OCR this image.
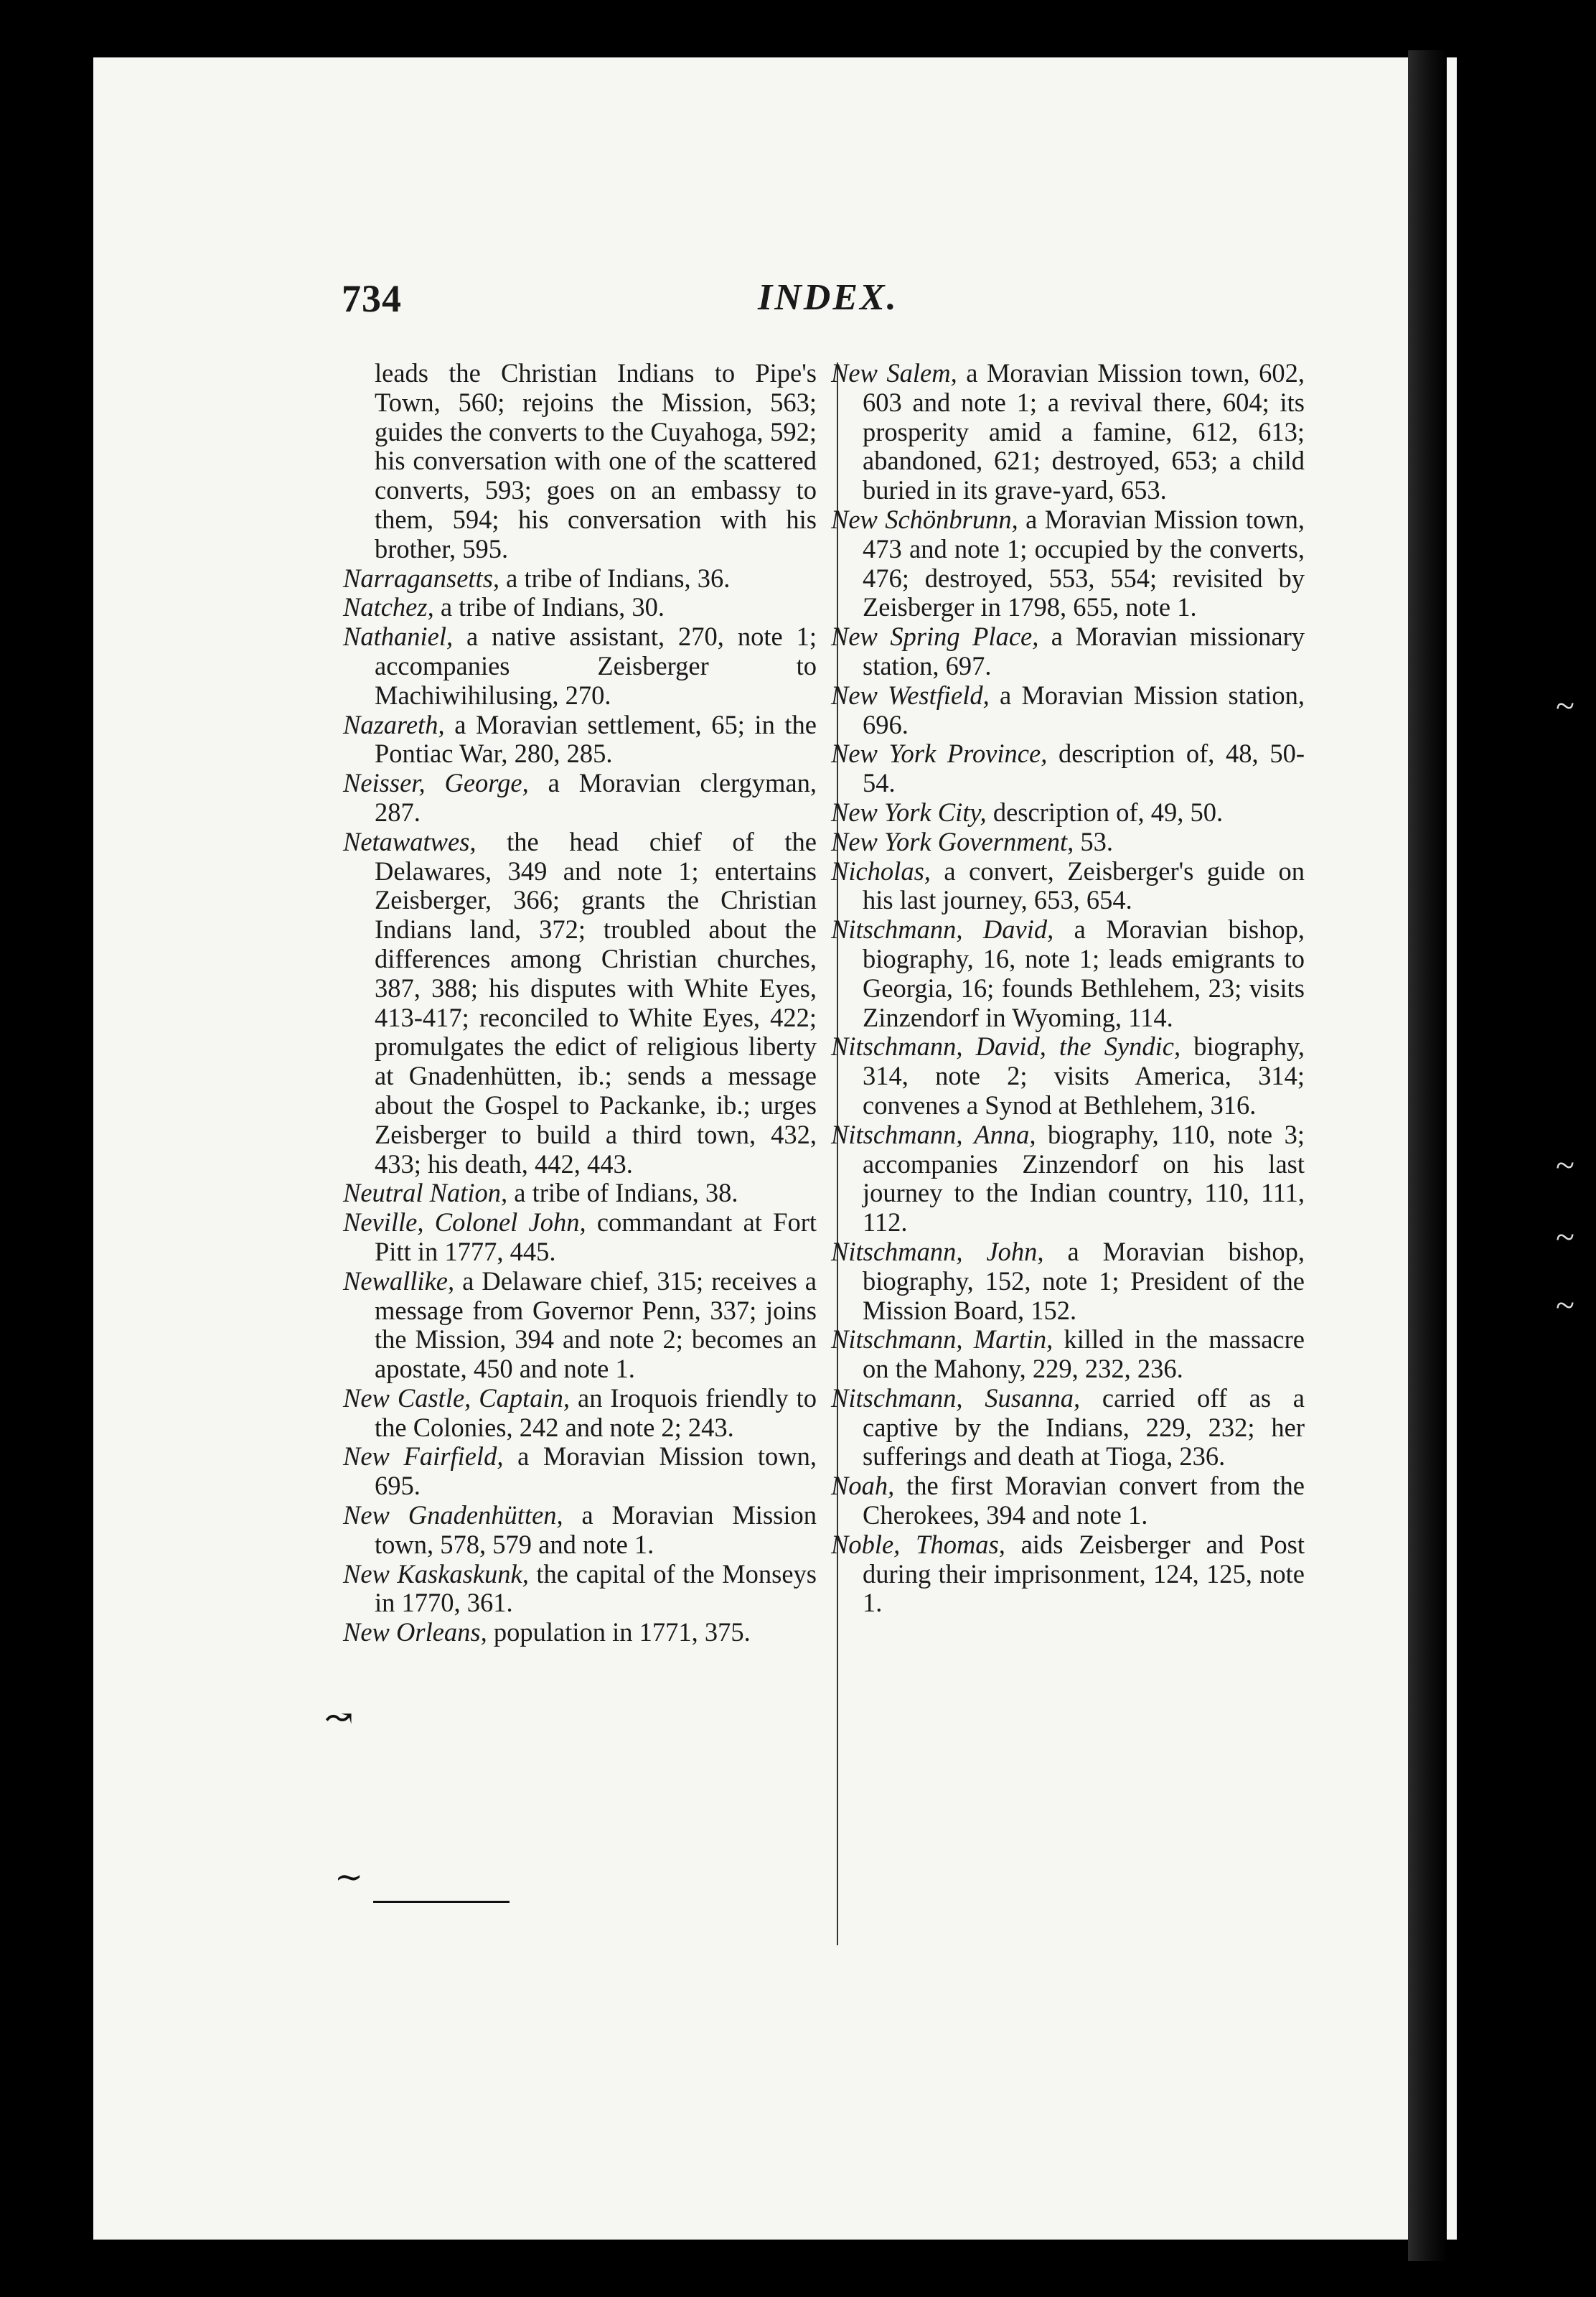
734	INDEX.

leads the Christian Indians to Pipe's Town, 560; rejoins the Mission, 563; guides the converts to the Cuyahoga, 592; his conversation with one of the scattered converts, 593; goes on an embassy to them, 594; his conversation with his brother, 595.

Narragansetts, a tribe of Indians, 36.

Natchez, a tribe of Indians, 30.

Nathaniel, a native assistant, 270, note 1; accompanies Zeisberger to Machiwihilusing, 270.

Nazareth, a Moravian settlement, 65; in the Pontiac War, 280, 285.

Neisser, George, a Moravian clergyman, 287.

Netawatwes, the head chief of the Delawares, 349 and note 1; entertains Zeisberger, 366; grants the Christian Indians land, 372; troubled about the differences among Christian churches, 387, 388; his disputes with White Eyes, 413-417; reconciled to White Eyes, 422; promulgates the edict of religious liberty at Gnadenhütten, ib.; sends a message about the Gospel to Packanke, ib.; urges Zeisberger to build a third town, 432, 433; his death, 442, 443.

Neutral Nation, a tribe of Indians, 38.

Neville, Colonel John, commandant at Fort Pitt in 1777, 445.

Newallike, a Delaware chief, 315; receives a message from Governor Penn, 337; joins the Mission, 394 and note 2; becomes an apostate, 450 and note 1.

New Castle, Captain, an Iroquois friendly to the Colonies, 242 and note 2; 243.

New Fairfield, a Moravian Mission town, 695.

New Gnadenhütten, a Moravian Mission town, 578, 579 and note 1.

New Kaskaskunk, the capital of the Monseys in 1770, 361.

New Orleans, population in 1771, 375.

New Salem, a Moravian Mission town, 602, 603 and note 1; a revival there, 604; its prosperity amid a famine, 612, 613; abandoned, 621; destroyed, 653; a child buried in its grave-yard, 653.

New Schönbrunn, a Moravian Mission town, 473 and note 1; occupied by the converts, 476; destroyed, 553, 554; revisited by Zeisberger in 1798, 655, note 1.

New Spring Place, a Moravian missionary station, 697.

New Westfield, a Moravian Mission station, 696.

New York Province, description of, 48, 50-54.

New York City, description of, 49, 50.

New York Government, 53.

Nicholas, a convert, Zeisberger's guide on his last journey, 653, 654.

Nitschmann, David, a Moravian bishop, biography, 16, note 1; leads emigrants to Georgia, 16; founds Bethlehem, 23; visits Zinzendorf in Wyoming, 114.

Nitschmann, David, the Syndic, biography, 314, note 2; visits America, 314; convenes a Synod at Bethlehem, 316.

Nitschmann, Anna, biography, 110, note 3; accompanies Zinzendorf on his last journey to the Indian country, 110, 111, 112.

Nitschmann, John, a Moravian bishop, biography, 152, note 1; President of the Mission Board, 152.

Nitschmann, Martin, killed in the massacre on the Mahony, 229, 232, 236.

Nitschmann, Susanna, carried off as a captive by the Indians, 229, 232; her sufferings and death at Tioga, 236.

Noah, the first Moravian convert from the Cherokees, 394 and note 1.

Noble, Thomas, aids Zeisberger and Post during their imprisonment, 124, 125, note 1.

↝
∼
~
~
~
~
